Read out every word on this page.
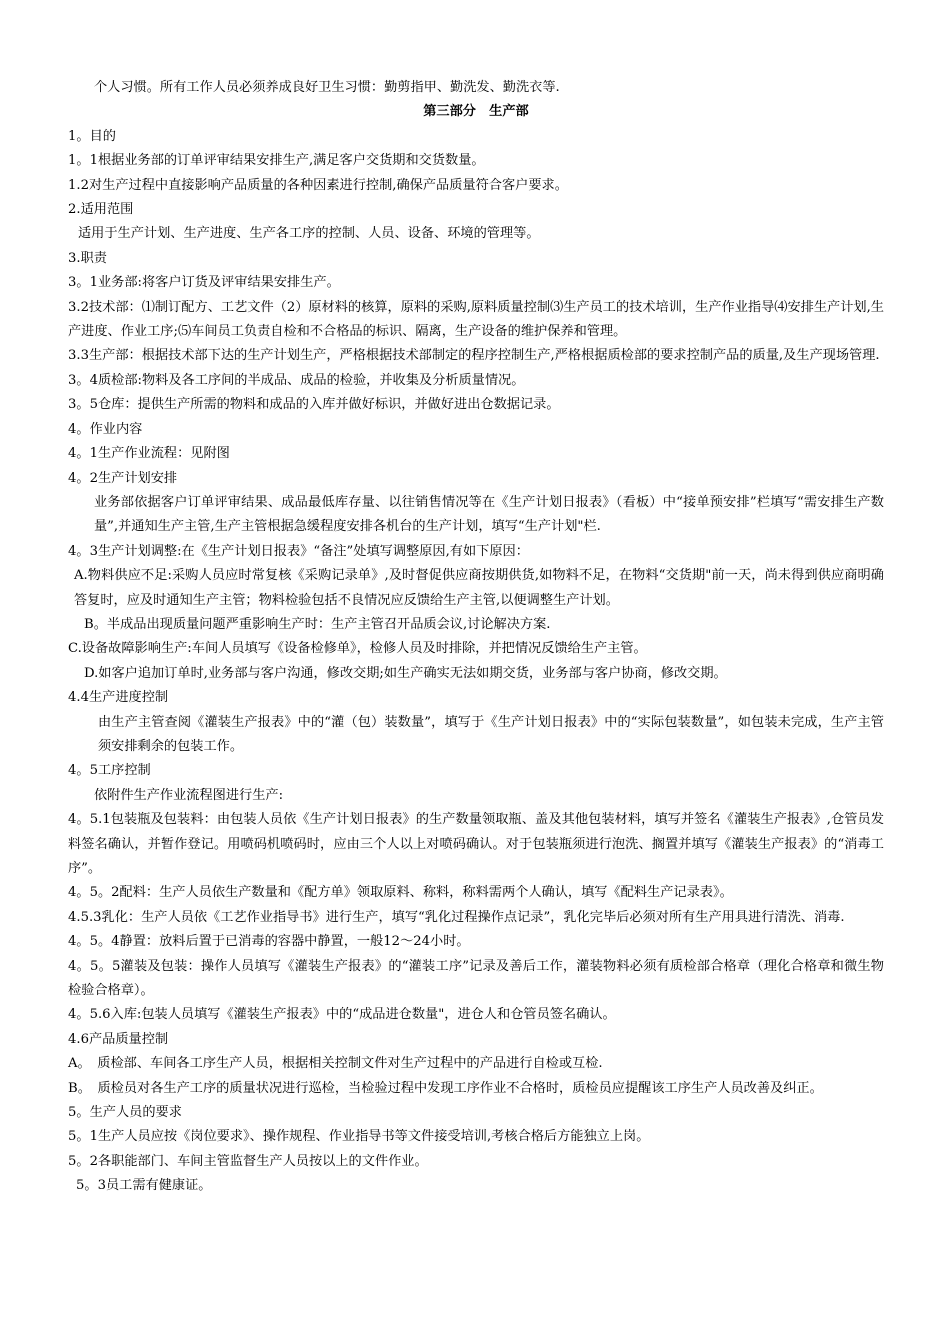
个人习惯。所有工作人员必须养成良好卫生习惯：勤剪指甲、勤洗发、勤洗衣等.

第三部分　生产部

1。目的

1。1根据业务部的订单评审结果安排生产,满足客户交货期和交货数量。

1.2对生产过程中直接影响产品质量的各种因素进行控制,确保产品质量符合客户要求。

2.适用范围

适用于生产计划、生产进度、生产各工序的控制、人员、设备、环境的管理等。

3.职责

3。1业务部:将客户订货及评审结果安排生产。

3.2技术部：⑴制订配方、工艺文件（2）原材料的核算，原料的采购,原料质量控制⑶生产员工的技术培训，生产作业指导⑷安排生产计划,生产进度、作业工序;⑸车间员工负责自检和不合格品的标识、隔离，生产设备的维护保养和管理。

3.3生产部：根据技术部下达的生产计划生产，严格根据技术部制定的程序控制生产,严格根据质检部的要求控制产品的质量,及生产现场管理.

3。4质检部:物料及各工序间的半成品、成品的检验，并收集及分析质量情况。

3。5仓库：提供生产所需的物料和成品的入库并做好标识，并做好进出仓数据记录。

4。作业内容

4。1生产作业流程：见附图

4。2生产计划安排

业务部依据客户订单评审结果、成品最低库存量、以往销售情况等在《生产计划日报表》（看板）中“接单预安排”栏填写“需安排生产数量”,并通知生产主管,生产主管根据急缓程度安排各机台的生产计划，填写“生产计划"栏.

4。3生产计划调整:在《生产计划日报表》“备注”处填写调整原因,有如下原因：

A.物料供应不足:采购人员应时常复核《采购记录单》,及时督促供应商按期供货,如物料不足，在物料“交货期"前一天，尚未得到供应商明确答复时，应及时通知生产主管；物料检验包括不良情况应反馈给生产主管,以便调整生产计划。

B。半成品出现质量问题严重影响生产时：生产主管召开品质会议,讨论解决方案.

C.设备故障影响生产:车间人员填写《设备检修单》，检修人员及时排除，并把情况反馈给生产主管。

D.如客户追加订单时,业务部与客户沟通，修改交期;如生产确实无法如期交货，业务部与客户协商，修改交期。

4.4生产进度控制

由生产主管查阅《灌装生产报表》中的“灌（包）装数量”，填写于《生产计划日报表》中的“实际包装数量”，如包装未完成，生产主管须安排剩余的包装工作。

4。5工序控制

依附件生产作业流程图进行生产:

4。5.1包装瓶及包装料：由包装人员依《生产计划日报表》的生产数量领取瓶、盖及其他包装材料，填写并签名《灌装生产报表》,仓管员发料签名确认，并暂作登记。用喷码机喷码时，应由三个人以上对喷码确认。对于包装瓶须进行泡洗、搁置并填写《灌装生产报表》的“消毒工序”。

4。5。2配料：生产人员依生产数量和《配方单》领取原料、称料，称料需两个人确认，填写《配料生产记录表》。

4.5.3乳化：生产人员依《工艺作业指导书》进行生产，填写“乳化过程操作点记录”，乳化完毕后必须对所有生产用具进行清洗、消毒.

4。5。4静置：放料后置于已消毒的容器中静置，一般12～24小时。

4。5。5灌装及包装：操作人员填写《灌装生产报表》的“灌装工序”记录及善后工作，灌装物料必须有质检部合格章（理化合格章和微生物检验合格章）。

4。5.6入库:包装人员填写《灌装生产报表》中的“成品进仓数量"，进仓人和仓管员签名确认。

4.6产品质量控制

A。　质检部、车间各工序生产人员，根据相关控制文件对生产过程中的产品进行自检或互检.

B。　质检员对各生产工序的质量状况进行巡检，当检验过程中发现工序作业不合格时，质检员应提醒该工序生产人员改善及纠正。

5。生产人员的要求

5。1生产人员应按《岗位要求》、操作规程、作业指导书等文件接受培训,考核合格后方能独立上岗。

5。2各职能部门、车间主管监督生产人员按以上的文件作业。

5。3员工需有健康证。
